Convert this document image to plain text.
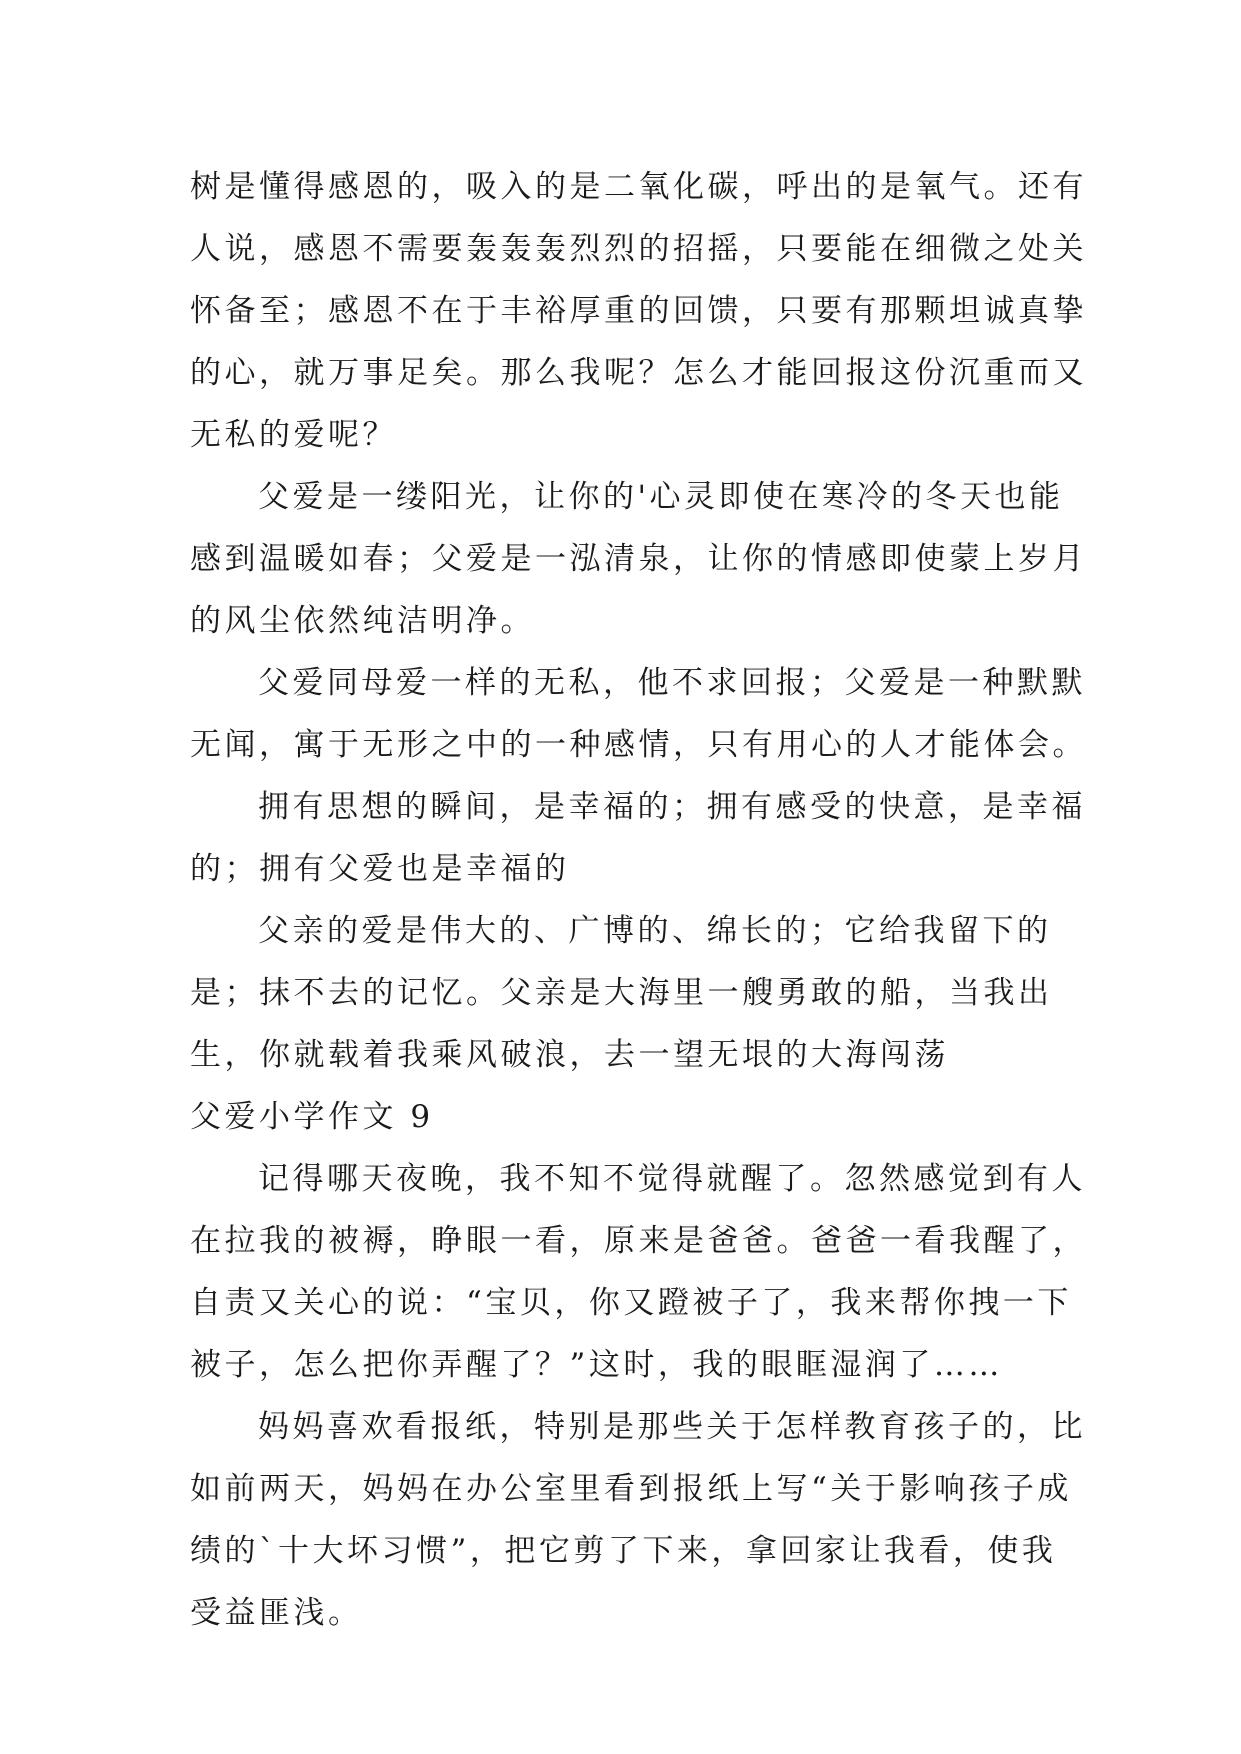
树是懂得感恩的，吸入的是二氧化碳，呼出的是氧气。还有人说，感恩不需要轰轰轰烈烈的招摇，只要能在细微之处关怀备至；感恩不在于丰裕厚重的回馈，只要有那颗坦诚真挚的心，就万事足矣。那么我呢？怎么才能回报这份沉重而又无私的爱呢？

父爱是一缕阳光，让你的'心灵即使在寒冷的冬天也能感到温暖如春；父爱是一泓清泉，让你的情感即使蒙上岁月的风尘依然纯洁明净。

父爱同母爱一样的无私，他不求回报；父爱是一种默默无闻，寓于无形之中的一种感情，只有用心的人才能体会。

拥有思想的瞬间，是幸福的；拥有感受的快意，是幸福的；拥有父爱也是幸福的

父亲的爱是伟大的、广博的、绵长的；它给我留下的是；抹不去的记忆。父亲是大海里一艘勇敢的船，当我出生，你就载着我乘风破浪，去一望无垠的大海闯荡

父爱小学作文 9

记得哪天夜晚，我不知不觉得就醒了。忽然感觉到有人在拉我的被褥，睁眼一看，原来是爸爸。爸爸一看我醒了，自责又关心的说：“宝贝，你又蹬被子了，我来帮你拽一下被子，怎么把你弄醒了？”这时，我的眼眶湿润了……

妈妈喜欢看报纸，特别是那些关于怎样教育孩子的，比如前两天，妈妈在办公室里看到报纸上写“关于影响孩子成绩的`十大坏习惯”，把它剪了下来，拿回家让我看，使我受益匪浅。
